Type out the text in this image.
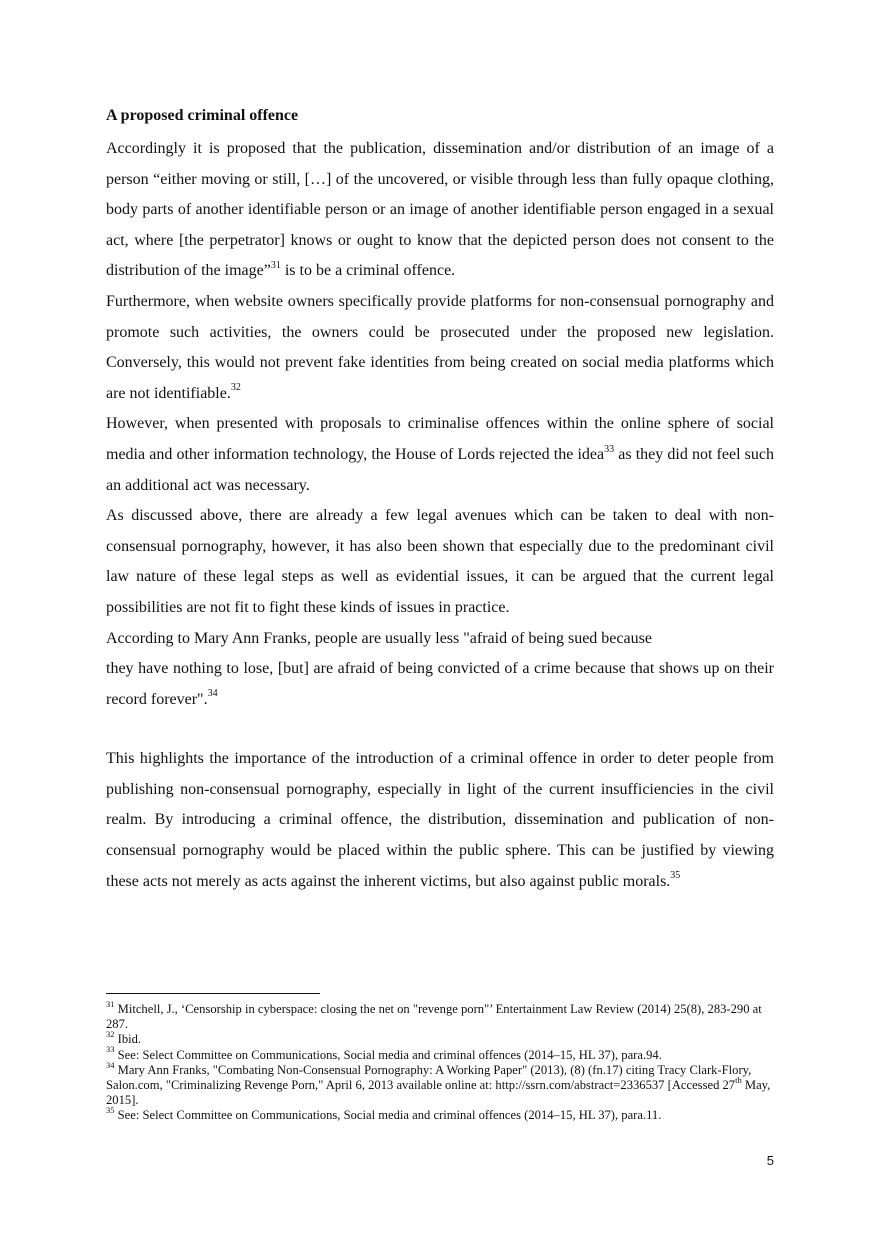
A proposed criminal offence

Accordingly it is proposed that the publication, dissemination and/or distribution of an image of a person “either moving or still, […] of the uncovered, or visible through less than fully opaque clothing, body parts of another identifiable person or an image of another identifiable person engaged in a sexual act, where [the perpetrator] knows or ought to know that the depicted person does not consent to the distribution of the image”$^{31}$ is to be a criminal offence.

Furthermore, when website owners specifically provide platforms for non-consensual pornography and promote such activities, the owners could be prosecuted under the proposed new legislation. Conversely, this would not prevent fake identities from being created on social media platforms which are not identifiable.$^{32}$

However, when presented with proposals to criminalise offences within the online sphere of social media and other information technology, the House of Lords rejected the idea$^{33}$ as they did not feel such an additional act was necessary.

As discussed above, there are already a few legal avenues which can be taken to deal with non-consensual pornography, however, it has also been shown that especially due to the predominant civil law nature of these legal steps as well as evidential issues, it can be argued that the current legal possibilities are not fit to fight these kinds of issues in practice.

According to Mary Ann Franks, people are usually less "afraid of being sued because

they have nothing to lose, [but] are afraid of being convicted of a crime because that shows up on their record forever".$^{34}$

This highlights the importance of the introduction of a criminal offence in order to deter people from publishing non-consensual pornography, especially in light of the current insufficiencies in the civil realm. By introducing a criminal offence, the distribution, dissemination and publication of non-consensual pornography would be placed within the public sphere. This can be justified by viewing these acts not merely as acts against the inherent victims, but also against public morals.$^{35}$

$^{31}$ Mitchell, J., ‘Censorship in cyberspace: closing the net on "revenge porn"’ Entertainment Law Review (2014) 25(8), 283-290 at 287.

$^{32}$ Ibid.

$^{33}$ See: Select Committee on Communications, Social media and criminal offences (2014–15, HL 37), para.94.

$^{34}$ Mary Ann Franks, "Combating Non-Consensual Pornography: A Working Paper" (2013), (8) (fn.17) citing Tracy Clark-Flory, Salon.com, "Criminalizing Revenge Porn," April 6, 2013 available online at: http://ssrn.com/abstract=2336537 [Accessed 27th May, 2015].

$^{35}$ See: Select Committee on Communications, Social media and criminal offences (2014–15, HL 37), para.11.

5
